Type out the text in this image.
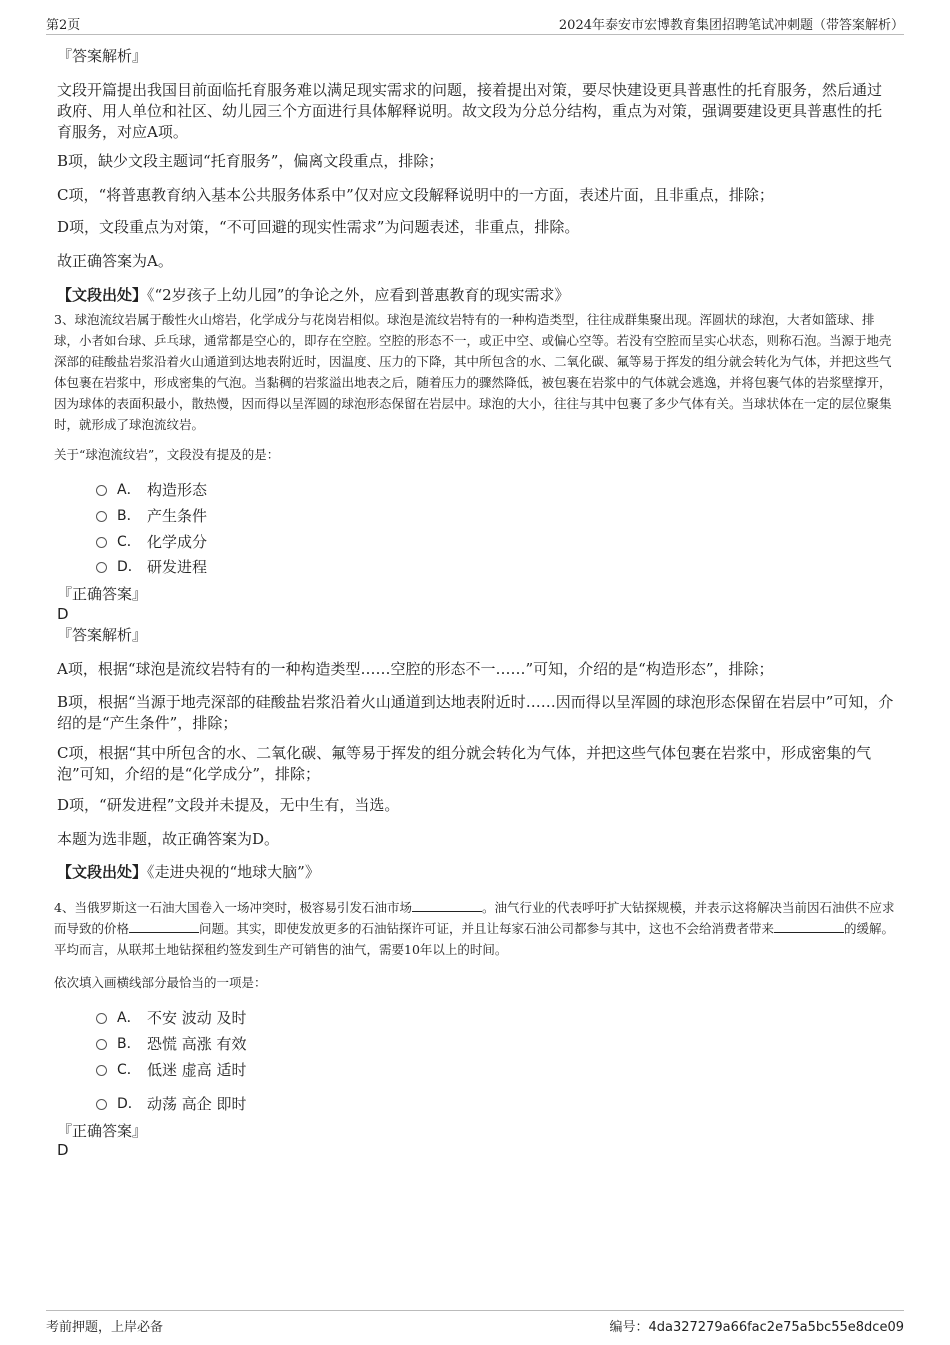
第2页	2024年泰安市宏博教育集团招聘笔试冲刺题（带答案解析）
『答案解析』
文段开篇提出我国目前面临托育服务难以满足现实需求的问题，接着提出对策，要尽快建设更具普惠性的托育服务，然后通过政府、用人单位和社区、幼儿园三个方面进行具体解释说明。故文段为分总分结构，重点为对策，强调要建设更具普惠性的托育服务，对应A项。
B项，缺少文段主题词“托育服务”，偏离文段重点，排除；
C项，“将普惠教育纳入基本公共服务体系中”仅对应文段解释说明中的一方面，表述片面，且非重点，排除；
D项，文段重点为对策，“不可回避的现实性需求”为问题表述，非重点，排除。
故正确答案为A。
【文段出处】《“2岁孩子上幼儿园”的争论之外，应看到普惠教育的现实需求》
3、球泡流纹岩属于酸性火山熔岩，化学成分与花岗岩相似。球泡是流纹岩特有的一种构造类型，往往成群集聚出现。浑圆状的球泡，大者如篮球、排球，小者如台球、乒乓球，通常都是空心的，即存在空腔。空腔的形态不一，或正中空、或偏心空等。若没有空腔而呈实心状态，则称石泡。当源于地壳深部的硅酸盐岩浆沿着火山通道到达地表附近时，因温度、压力的下降，其中所包含的水、二氧化碳、氟等易于挥发的组分就会转化为气体，并把这些气体包裹在岩浆中，形成密集的气泡。当黏稠的岩浆溢出地表之后，随着压力的骤然降低，被包裹在岩浆中的气体就会逃逸，并将包裹气体的岩浆壁撑开，因为球体的表面积最小，散热慢，因而得以呈浑圆的球泡形态保留在岩层中。球泡的大小，往往与其中包裹了多少气体有关。当球状体在一定的层位聚集时，就形成了球泡流纹岩。
关于“球泡流纹岩”，文段没有提及的是：
A． 构造形态
B． 产生条件
C． 化学成分
D． 研发进程
『正确答案』
D
『答案解析』
A项，根据“球泡是流纹岩特有的一种构造类型……空腔的形态不一……”可知，介绍的是“构造形态”，排除；
B项，根据“当源于地壳深部的硅酸盐岩浆沿着火山通道到达地表附近时……因而得以呈浑圆的球泡形态保留在岩层中”可知，介绍的是“产生条件”，排除；
C项，根据“其中所包含的水、二氧化碳、氟等易于挥发的组分就会转化为气体，并把这些气体包裹在岩浆中，形成密集的气泡”可知，介绍的是“化学成分”，排除；
D项，“研发进程”文段并未提及，无中生有，当选。
本题为选非题，故正确答案为D。
【文段出处】《走进央视的“地球大脑”》
4、当俄罗斯这一石油大国卷入一场冲突时，极容易引发石油市场	。油气行业的代表呼吁扩大钻探规模，并表示这将解决当前因石油供不应求而导致的价格	问题。其实，即使发放更多的石油钻探许可证，并且让每家石油公司都参与其中，这也不会给消费者带来	的缓解。平均而言，从联邦土地钻探租约签发到生产可销售的油气，需要10年以上的时间。
依次填入画横线部分最恰当的一项是：
A． 不安 波动 及时
B． 恐慌 高涨 有效
C． 低迷 虚高 适时
D． 动荡 高企 即时
『正确答案』
D
考前押题，上岸必备	编号：4da327279a66fac2e75a5bc55e8dce09
